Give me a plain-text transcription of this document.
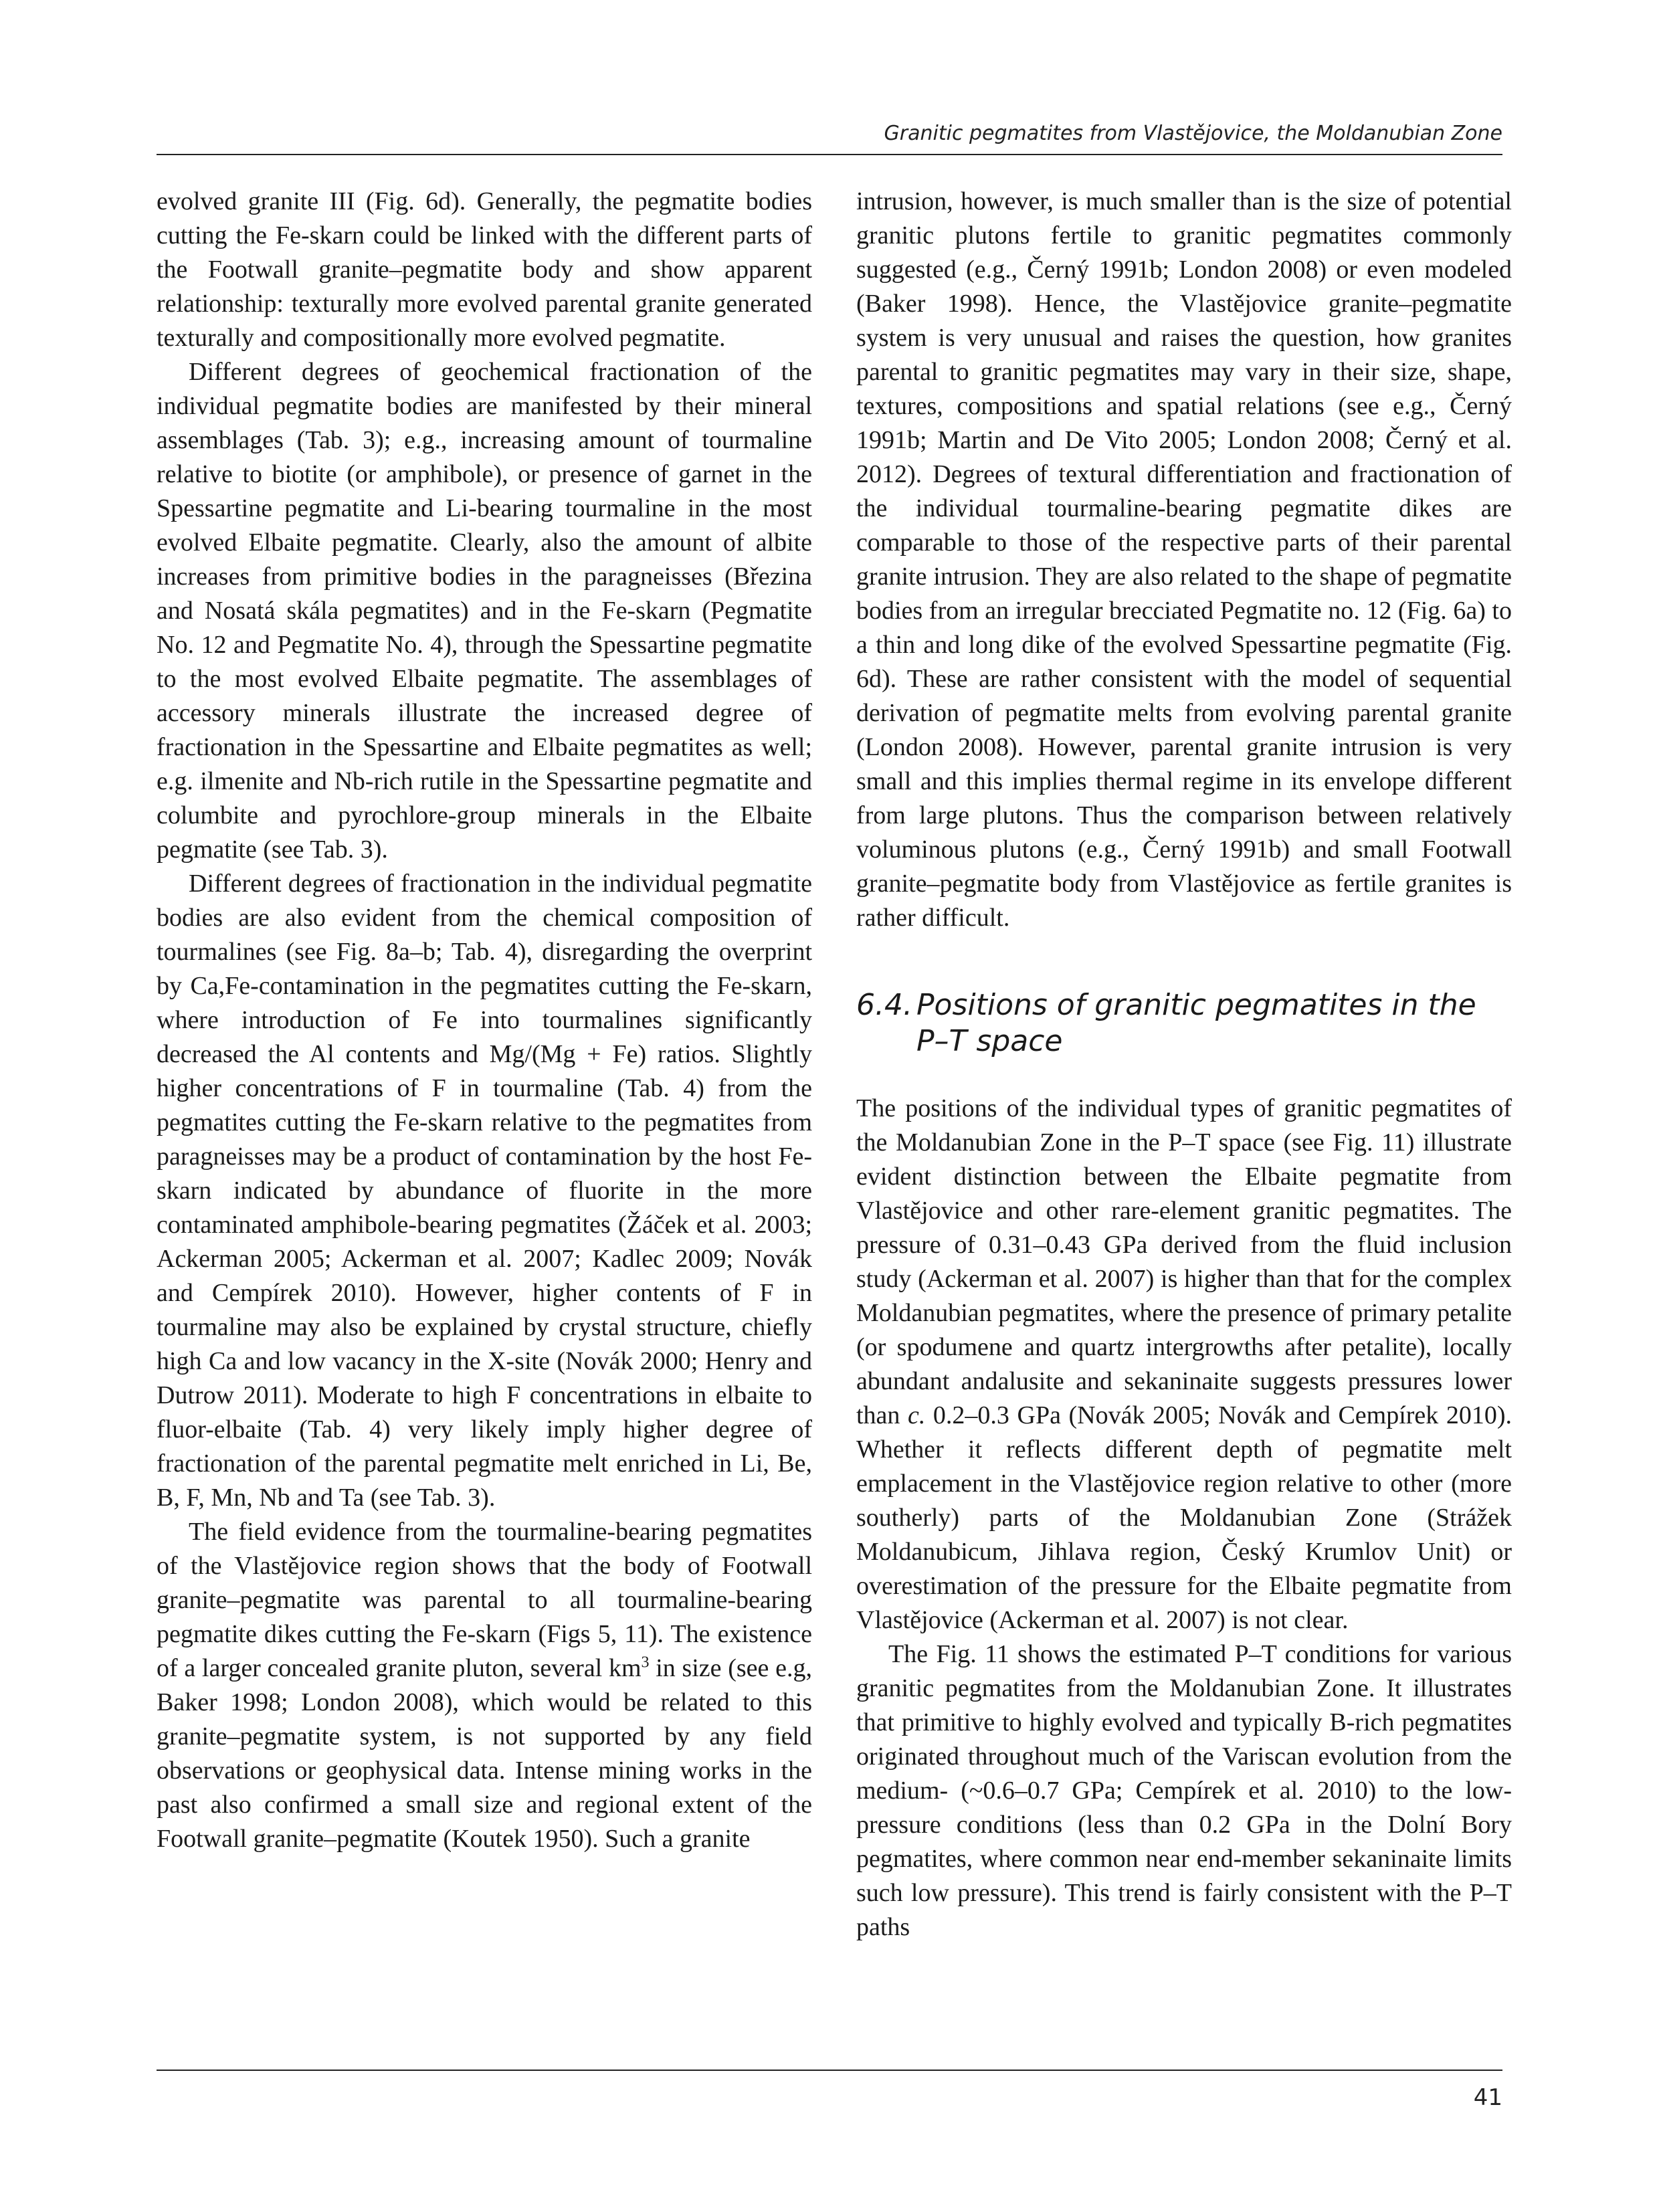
Granitic pegmatites from Vlastějovice, the Moldanubian Zone

evolved granite III (Fig. 6d). Generally, the pegmatite bodies cutting the Fe-skarn could be linked with the different parts of the Footwall granite–pegmatite body and show apparent relationship: texturally more evolved parental granite generated texturally and compositionally more evolved pegmatite.

Different degrees of geochemical fractionation of the individual pegmatite bodies are manifested by their mineral assemblages (Tab. 3); e.g., increasing amount of tourmaline relative to biotite (or amphibole), or presence of garnet in the Spessartine pegmatite and Li-bearing tourmaline in the most evolved Elbaite pegmatite. Clearly, also the amount of albite increases from primitive bodies in the paragneisses (Březina and Nosatá skála pegmatites) and in the Fe-skarn (Pegmatite No. 12 and Pegmatite No. 4), through the Spessartine pegmatite to the most evolved Elbaite pegmatite. The assemblages of accessory minerals illustrate the increased degree of fractionation in the Spessartine and Elbaite pegmatites as well; e.g. ilmenite and Nb-rich rutile in the Spessartine pegmatite and columbite and pyrochlore-group minerals in the Elbaite pegmatite (see Tab. 3).

Different degrees of fractionation in the individual pegmatite bodies are also evident from the chemical composition of tourmalines (see Fig. 8a–b; Tab. 4), disregarding the overprint by Ca,Fe-contamination in the pegmatites cutting the Fe-skarn, where introduction of Fe into tourmalines significantly decreased the Al contents and Mg/(Mg + Fe) ratios. Slightly higher concentrations of F in tourmaline (Tab. 4) from the pegmatites cutting the Fe-skarn relative to the pegmatites from paragneisses may be a product of contamination by the host Fe-skarn indicated by abundance of fluorite in the more contaminated amphibole-bearing pegmatites (Žáček et al. 2003; Ackerman 2005; Ackerman et al. 2007; Kadlec 2009; Novák and Cempírek 2010). However, higher contents of F in tourmaline may also be explained by crystal structure, chiefly high Ca and low vacancy in the X-site (Novák 2000; Henry and Dutrow 2011). Moderate to high F concentrations in elbaite to fluor-elbaite (Tab. 4) very likely imply higher degree of fractionation of the parental pegmatite melt enriched in Li, Be, B, F, Mn, Nb and Ta (see Tab. 3).

The field evidence from the tourmaline-bearing pegmatites of the Vlastějovice region shows that the body of Footwall granite–pegmatite was parental to all tourmaline-bearing pegmatite dikes cutting the Fe-skarn (Figs 5, 11). The existence of a larger concealed granite pluton, several $km^3$ in size (see e.g, Baker 1998; London 2008), which would be related to this granite–pegmatite system, is not supported by any field observations or geophysical data. Intense mining works in the past also confirmed a small size and regional extent of the Footwall granite–pegmatite (Koutek 1950). Such a granite

intrusion, however, is much smaller than is the size of potential granitic plutons fertile to granitic pegmatites commonly suggested (e.g., Černý 1991b; London 2008) or even modeled (Baker 1998). Hence, the Vlastějovice granite–pegmatite system is very unusual and raises the question, how granites parental to granitic pegmatites may vary in their size, shape, textures, compositions and spatial relations (see e.g., Černý 1991b; Martin and De Vito 2005; London 2008; Černý et al. 2012). Degrees of textural differentiation and fractionation of the individual tourmaline-bearing pegmatite dikes are comparable to those of the respective parts of their parental granite intrusion. They are also related to the shape of pegmatite bodies from an irregular brecciated Pegmatite no. 12 (Fig. 6a) to a thin and long dike of the evolved Spessartine pegmatite (Fig. 6d). These are rather consistent with the model of sequential derivation of pegmatite melts from evolving parental granite (London 2008). However, parental granite intrusion is very small and this implies thermal regime in its envelope different from large plutons. Thus the comparison between relatively voluminous plutons (e.g., Černý 1991b) and small Footwall granite–pegmatite body from Vlastějovice as fertile granites is rather difficult.

6.4. Positions of granitic pegmatites in the P–T space

The positions of the individual types of granitic pegmatites of the Moldanubian Zone in the P–T space (see Fig. 11) illustrate evident distinction between the Elbaite pegmatite from Vlastějovice and other rare-element granitic pegmatites. The pressure of 0.31–0.43 GPa derived from the fluid inclusion study (Ackerman et al. 2007) is higher than that for the complex Moldanubian pegmatites, where the presence of primary petalite (or spodumene and quartz intergrowths after petalite), locally abundant andalusite and sekaninaite suggests pressures lower than c. 0.2–0.3 GPa (Novák 2005; Novák and Cempírek 2010). Whether it reflects different depth of pegmatite melt emplacement in the Vlastějovice region relative to other (more southerly) parts of the Moldanubian Zone (Strážek Moldanubicum, Jihlava region, Český Krumlov Unit) or overestimation of the pressure for the Elbaite pegmatite from Vlastějovice (Ackerman et al. 2007) is not clear.

The Fig. 11 shows the estimated P–T conditions for various granitic pegmatites from the Moldanubian Zone. It illustrates that primitive to highly evolved and typically B-rich pegmatites originated throughout much of the Variscan evolution from the medium- (~0.6–0.7 GPa; Cempírek et al. 2010) to the low-pressure conditions (less than 0.2 GPa in the Dolní Bory pegmatites, where common near end-member sekaninaite limits such low pressure). This trend is fairly consistent with the P–T paths

41
